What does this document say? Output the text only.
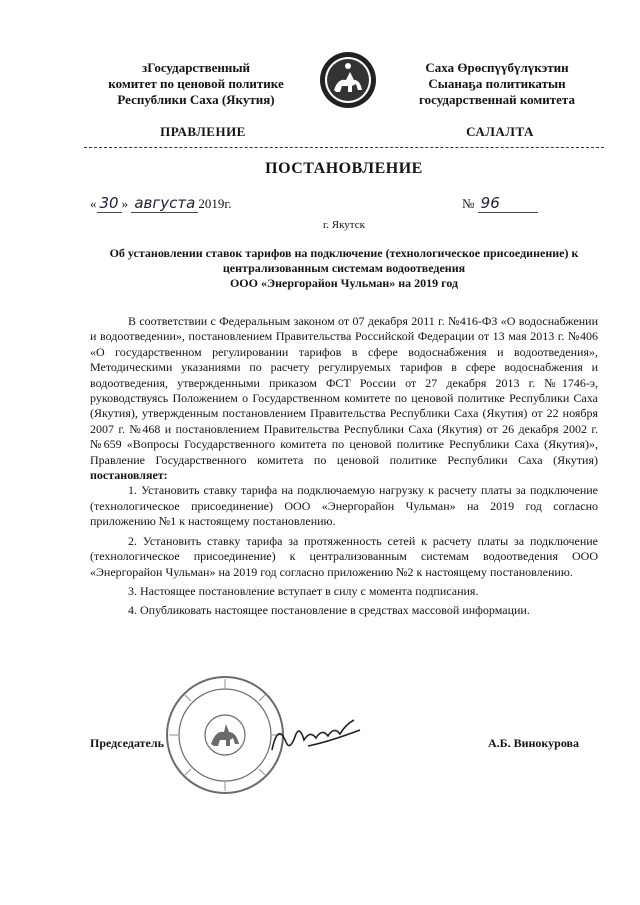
зГосударственный
комитет по ценовой политике
Республики Саха (Якутия)
Саха Өрөспүүбүлүкэтин
Сыанаҕа политикатын
государственнай комитета
ПРАВЛЕНИЕ	САЛАЛТА
ПОСТАНОВЛЕНИЕ
« 30 » августа 2019г.	№ 96
г. Якутск
Об установлении ставок тарифов на подключение (технологическое присоединение) к
централизованным системам водоотведения
ООО «Энергорайон Чульман» на 2019 год

В соответствии с Федеральным законом от 07 декабря 2011 г. №416-ФЗ «О водоснабжении и водоотведении», постановлением Правительства Российской Федерации от 13 мая 2013 г. №406 «О государственном регулировании тарифов в сфере водоснабжения и водоотведения», Методическими указаниями по расчету регулируемых тарифов в сфере водоснабжения и водоотведения, утвержденными приказом ФСТ России от 27 декабря 2013 г. №1746-э, руководствуясь Положением о Государственном комитете по ценовой политике Республики Саха (Якутия), утвержденным постановлением Правительства Республики Саха (Якутия) от 22 ноября 2007 г. №468 и постановлением Правительства Республики Саха (Якутия) от 26 декабря 2002 г. №659 «Вопросы Государственного комитета по ценовой политике Республики Саха (Якутия)», Правление Государственного комитета по ценовой политике Республики Саха (Якутия) постановляет:

1. Установить ставку тарифа на подключаемую нагрузку к расчету платы за подключение (технологическое присоединение) ООО «Энергорайон Чульман» на 2019 год согласно приложению №1 к настоящему постановлению.

2. Установить ставку тарифа за протяженность сетей к расчету платы за подключение (технологическое присоединение) к централизованным системам водоотведения ООО «Энергорайон Чульман» на 2019 год согласно приложению №2 к настоящему постановлению.

3. Настоящее постановление вступает в силу с момента подписания.

4. Опубликовать настоящее постановление в средствах массовой информации.

Председатель	А.Б. Винокурова
